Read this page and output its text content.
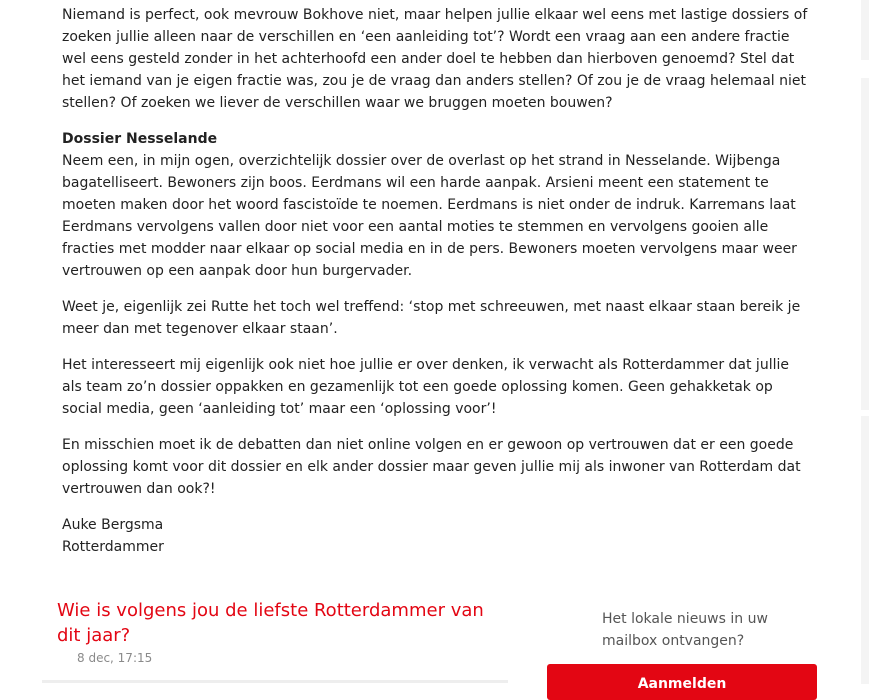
Niemand is perfect, ook mevrouw Bokhove niet, maar helpen jullie elkaar wel eens met lastige dossiers of zoeken jullie alleen naar de verschillen en ‘een aanleiding tot’? Wordt een vraag aan een andere fractie wel eens gesteld zonder in het achterhoofd een ander doel te hebben dan hierboven genoemd? Stel dat het iemand van je eigen fractie was, zou je de vraag dan anders stellen? Of zou je de vraag helemaal niet stellen? Of zoeken we liever de verschillen waar we bruggen moeten bouwen?

Dossier Nesselande
Neem een, in mijn ogen, overzichtelijk dossier over de overlast op het strand in Nesselande. Wijbenga bagatelliseert. Bewoners zijn boos. Eerdmans wil een harde aanpak. Arsieni meent een statement te moeten maken door het woord fascistoïde te noemen. Eerdmans is niet onder de indruk. Karremans laat Eerdmans vervolgens vallen door niet voor een aantal moties te stemmen en vervolgens gooien alle fracties met modder naar elkaar op social media en in de pers. Bewoners moeten vervolgens maar weer vertrouwen op een aanpak door hun burgervader.

Weet je, eigenlijk zei Rutte het toch wel treffend: ‘stop met schreeuwen, met naast elkaar staan bereik je meer dan met tegenover elkaar staan’.

Het interesseert mij eigenlijk ook niet hoe jullie er over denken, ik verwacht als Rotterdammer dat jullie als team zo’n dossier oppakken en gezamenlijk tot een goede oplossing komen. Geen gehakketak op social media, geen ‘aanleiding tot’ maar een ‘oplossing voor’!

En misschien moet ik de debatten dan niet online volgen en er gewoon op vertrouwen dat er een goede oplossing komt voor dit dossier en elk ander dossier maar geven jullie mij als inwoner van Rotterdam dat vertrouwen dan ook?!

Auke Bergsma
Rotterdammer

Wie is volgens jou de liefste Rotterdammer van dit jaar?
8 dec, 17:15

Het lokale nieuws in uw mailbox ontvangen?

Aanmelden
